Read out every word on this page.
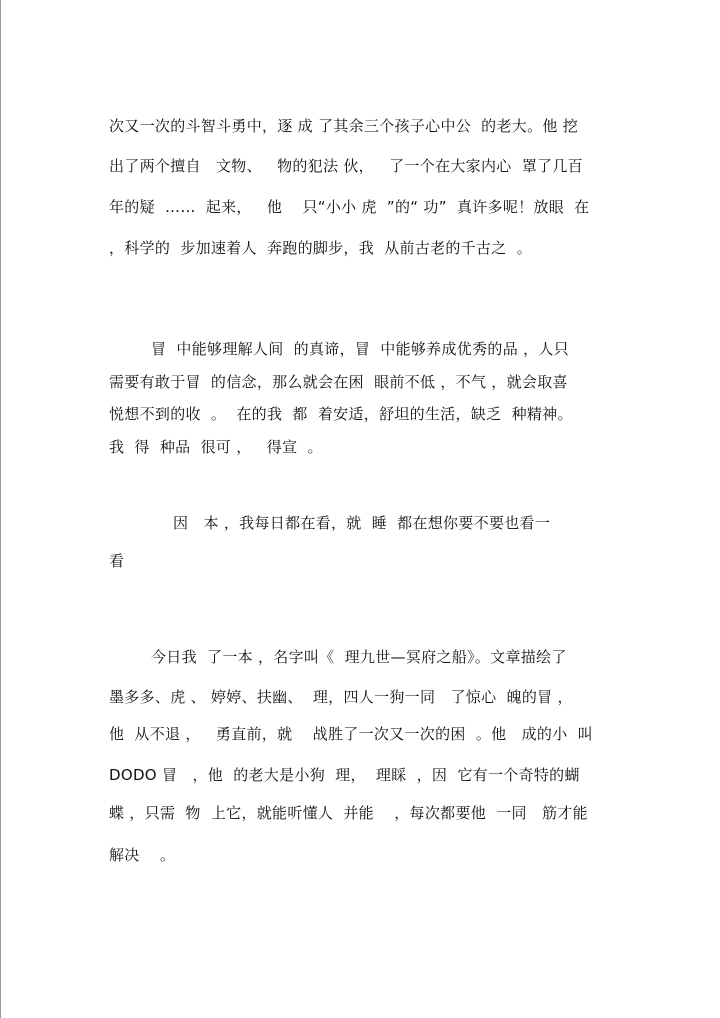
次又一次的斗智斗勇中，逐 成 了其余三个孩子心中公  的老大。他 挖
出了两个擅自   文物、   物的犯法 伙，   了一个在大家内心  罩了几百
年的疑  ……  起来，   他    只“小小 虎  ”的“ 功”  真许多呢！放眼  在
，科学的  步加速着人  奔跑的脚步，我  从前古老的千古之  。
冒  中能够理解人间  的真谛，冒  中能够养成优秀的品 ，人只
需要有敢于冒  的信念，那么就会在困  眼前不低 ，不气 ，就会取喜
悦想不到的收  。  在的我  都  着安适，舒坦的生活，缺乏  种精神。
我  得  种品  很可 ，   得宣  。
因   本 ，我每日都在看，就  睡  都在想你要不要也看一
看
今日我  了一本 ，名字叫《  理九世—冥府之船》。文章描绘了
墨多多、虎 、 婷婷、扶幽、  理，四人一狗一同   了惊心  魄的冒 ，
他  从不退 ，   勇直前，就    战胜了一次又一次的困  。他   成的小  叫
DODO 冒   ，他  的老大是小狗  理，  理睬  ，因  它有一个奇特的蝴
蝶 ，只需  物  上它，就能听懂人  并能    ，每次都要他  一同   筋才能
解决    。
